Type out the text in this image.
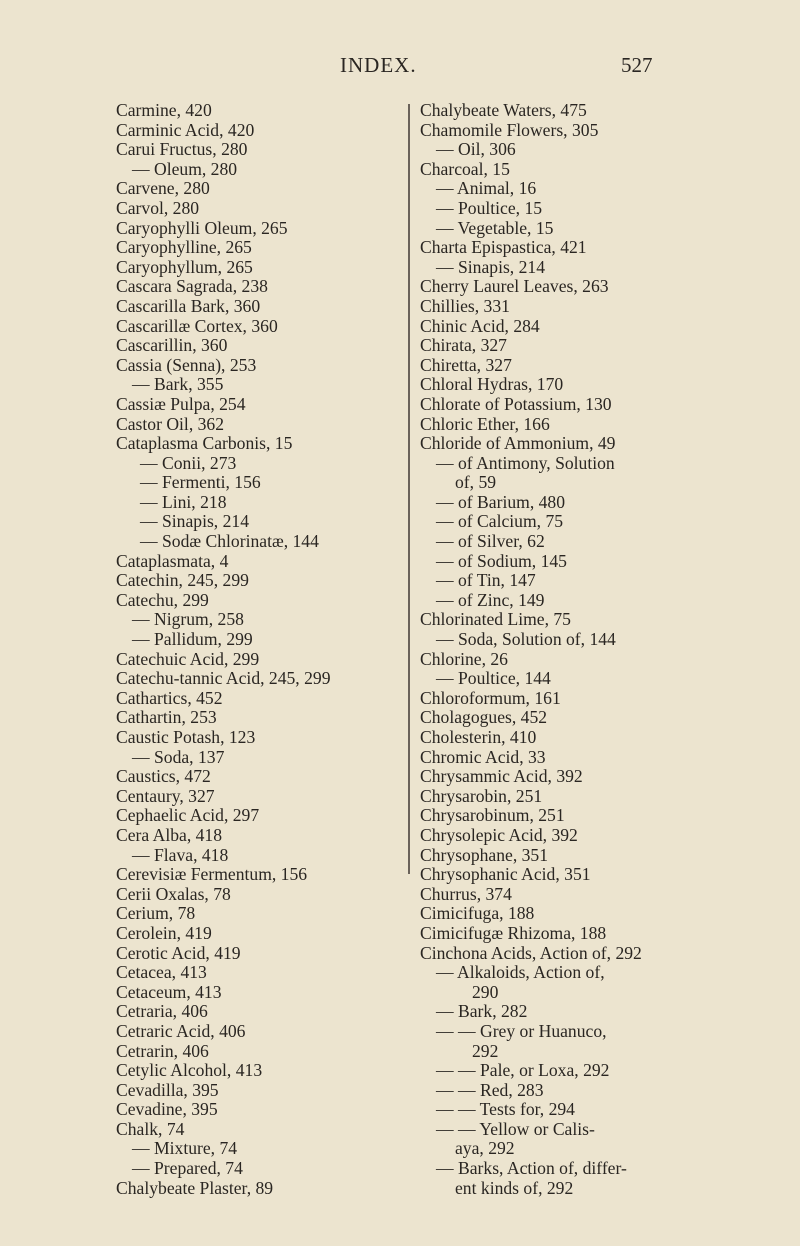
INDEX.	527
Carmine, 420
Carminic Acid, 420
Carui Fructus, 280
— Oleum, 280
Carvene, 280
Carvol, 280
Caryophylli Oleum, 265
Caryophylline, 265
Caryophyllum, 265
Cascara Sagrada, 238
Cascarilla Bark, 360
Cascarillæ Cortex, 360
Cascarillin, 360
Cassia (Senna), 253
— Bark, 355
Cassiæ Pulpa, 254
Castor Oil, 362
Cataplasma Carbonis, 15
— Conii, 273
— Fermenti, 156
— Lini, 218
— Sinapis, 214
— Sodæ Chlorinatæ, 144
Cataplasmata, 4
Catechin, 245, 299
Catechu, 299
— Nigrum, 258
— Pallidum, 299
Catechuic Acid, 299
Catechu-tannic Acid, 245, 299
Cathartics, 452
Cathartin, 253
Caustic Potash, 123
— Soda, 137
Caustics, 472
Centaury, 327
Cephaelic Acid, 297
Cera Alba, 418
— Flava, 418
Cerevisiæ Fermentum, 156
Cerii Oxalas, 78
Cerium, 78
Cerolein, 419
Cerotic Acid, 419
Cetacea, 413
Cetaceum, 413
Cetraria, 406
Cetraric Acid, 406
Cetrarin, 406
Cetylic Alcohol, 413
Cevadilla, 395
Cevadine, 395
Chalk, 74
— Mixture, 74
— Prepared, 74
Chalybeate Plaster, 89
Chalybeate Waters, 475
Chamomile Flowers, 305
— Oil, 306
Charcoal, 15
— Animal, 16
— Poultice, 15
— Vegetable, 15
Charta Epispastica, 421
— Sinapis, 214
Cherry Laurel Leaves, 263
Chillies, 331
Chinic Acid, 284
Chirata, 327
Chiretta, 327
Chloral Hydras, 170
Chlorate of Potassium, 130
Chloric Ether, 166
Chloride of Ammonium, 49
— of Antimony, Solution
of, 59
— of Barium, 480
— of Calcium, 75
— of Silver, 62
— of Sodium, 145
— of Tin, 147
— of Zinc, 149
Chlorinated Lime, 75
— Soda, Solution of, 144
Chlorine, 26
— Poultice, 144
Chloroformum, 161
Cholagogues, 452
Cholesterin, 410
Chromic Acid, 33
Chrysammic Acid, 392
Chrysarobin, 251
Chrysarobinum, 251
Chrysolepic Acid, 392
Chrysophane, 351
Chrysophanic Acid, 351
Churrus, 374
Cimicifuga, 188
Cimicifugæ Rhizoma, 188
Cinchona Acids, Action of, 292
— Alkaloids, Action of,
290
— Bark, 282
— — Grey or Huanuco,
292
— — Pale, or Loxa, 292
— — Red, 283
— — Tests for, 294
— — Yellow or Calis-
aya, 292
— Barks, Action of, differ-
ent kinds of, 292
